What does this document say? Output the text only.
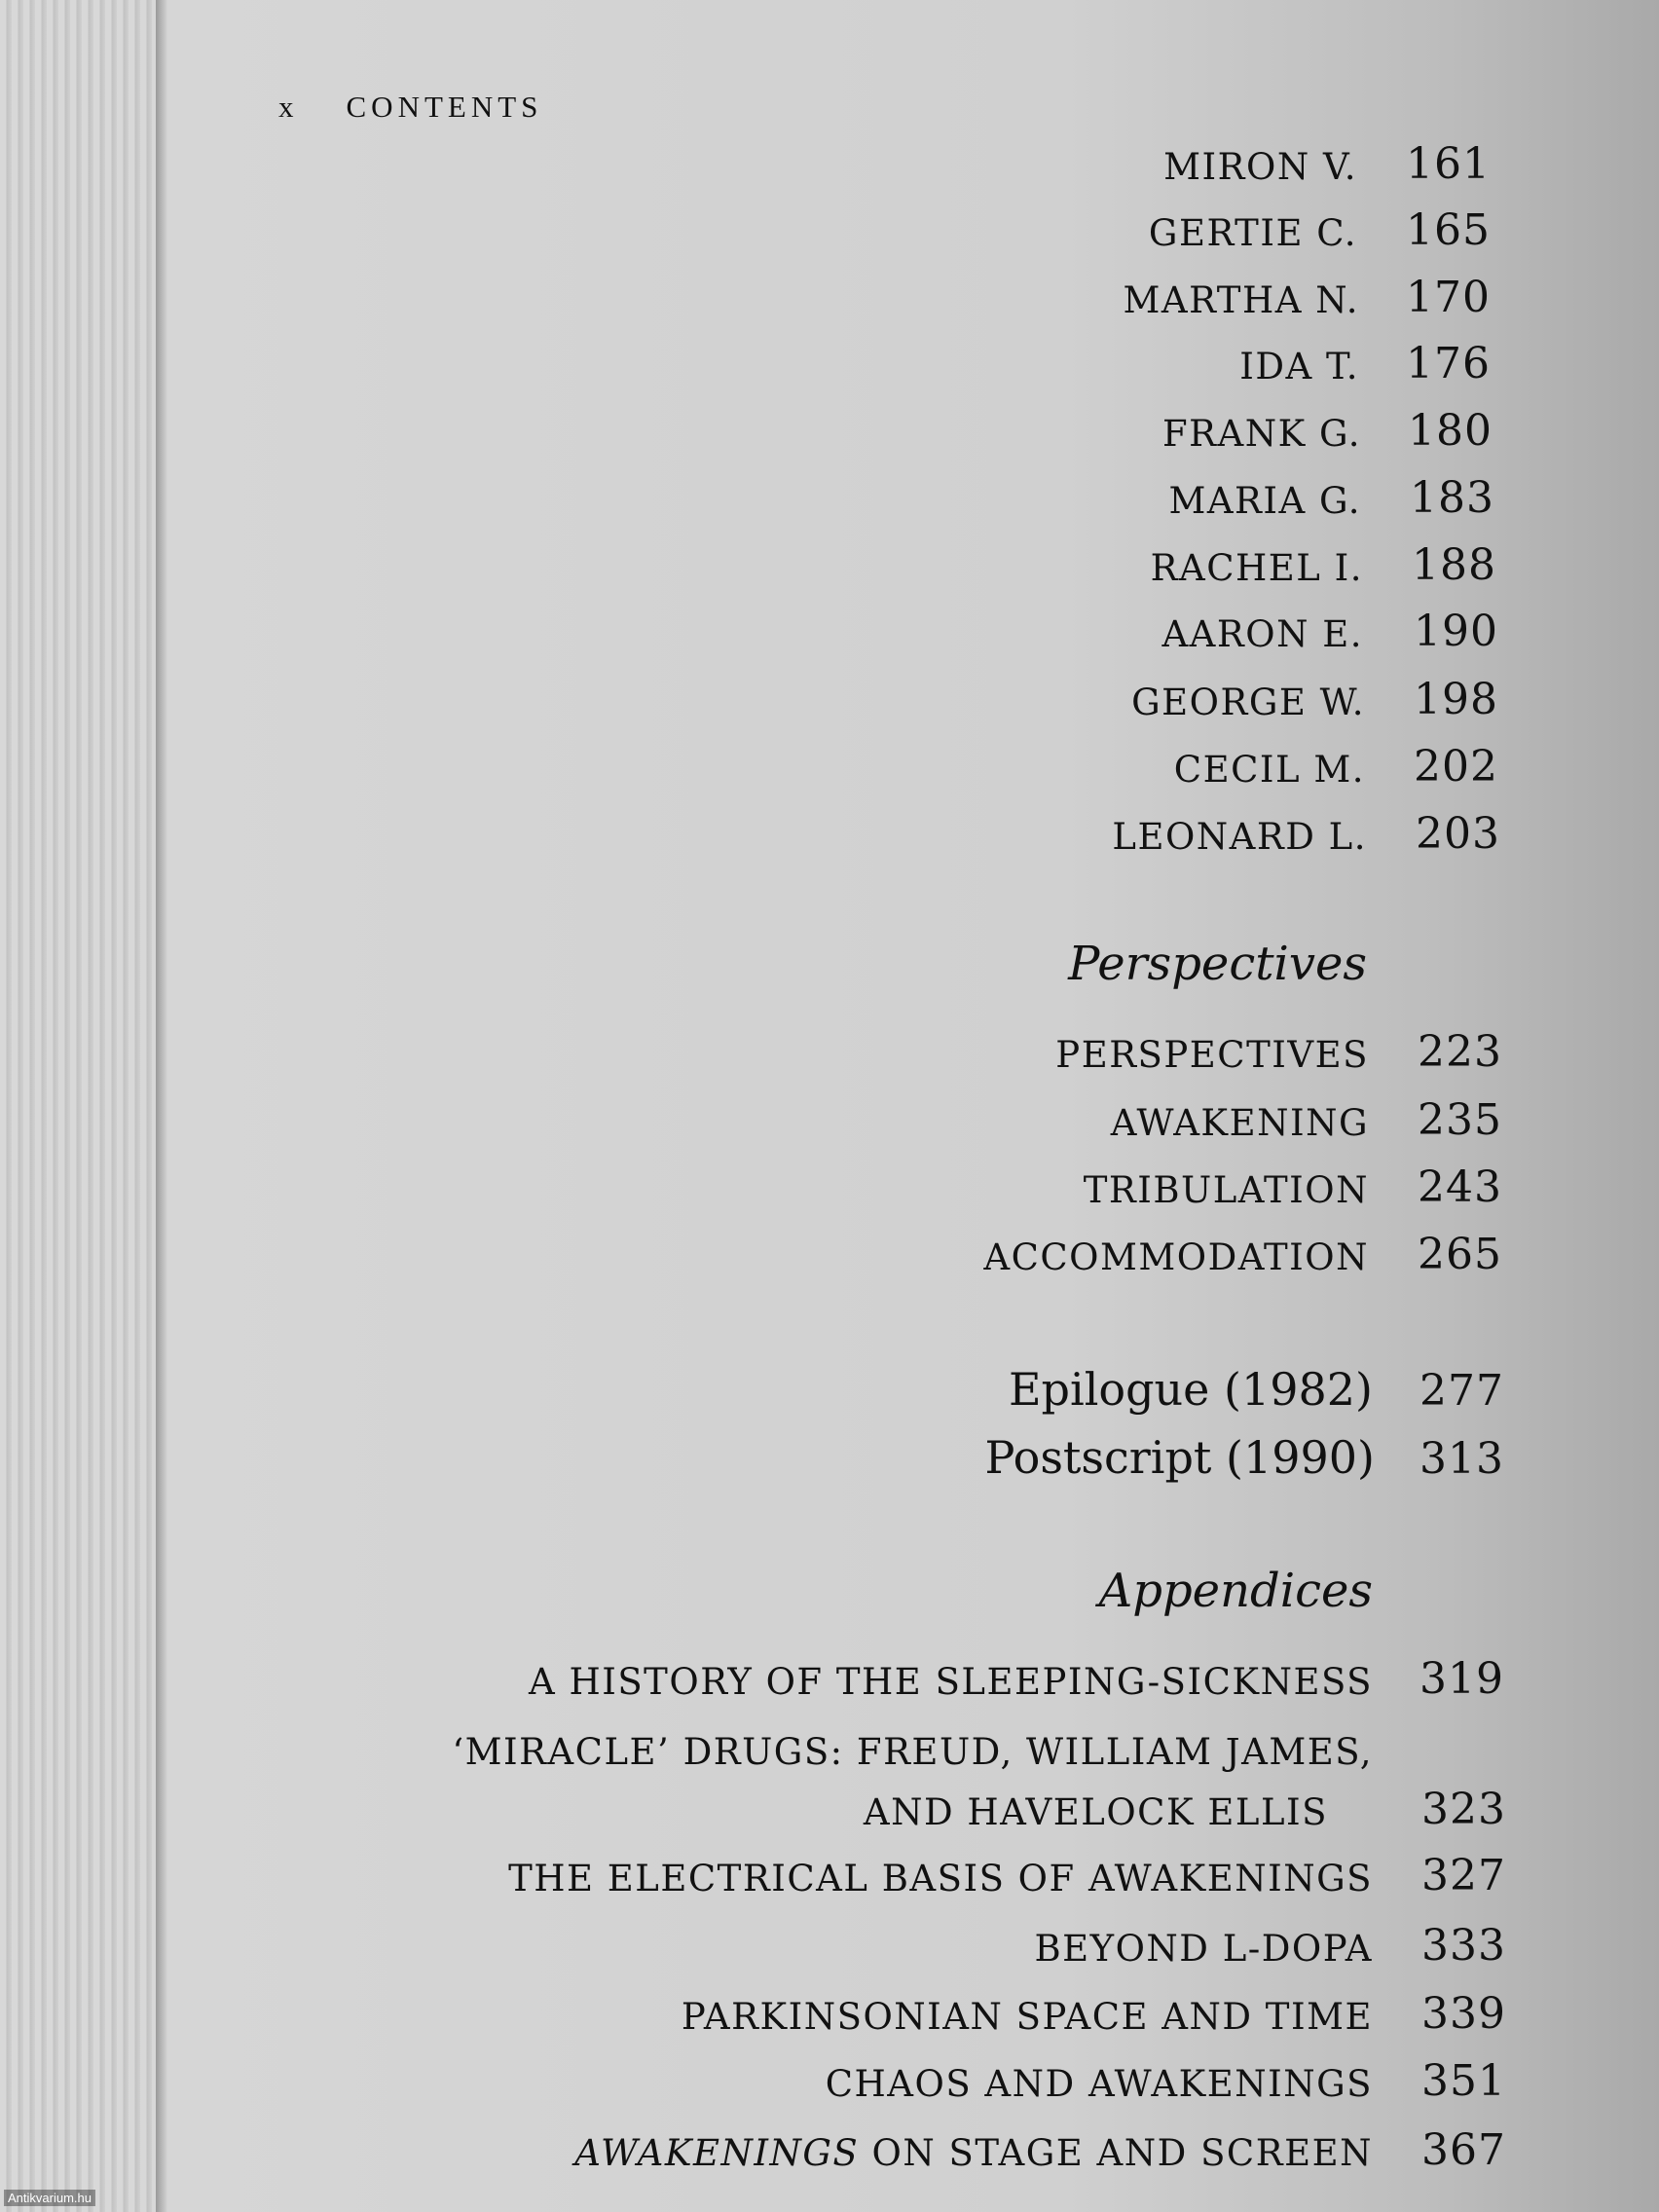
x CONTENTS
MIRON V. 161
GERTIE C. 165
MARTHA N. 170
IDA T. 176
FRANK G. 180
MARIA G. 183
RACHEL I. 188
AARON E. 190
GEORGE W. 198
CECIL M. 202
LEONARD L. 203
Perspectives
PERSPECTIVES 223
AWAKENING 235
TRIBULATION 243
ACCOMMODATION 265
Epilogue (1982) 277
Postscript (1990) 313
Appendices
A HISTORY OF THE SLEEPING-SICKNESS 319
‘MIRACLE’ DRUGS: FREUD, WILLIAM JAMES,
AND HAVELOCK ELLIS 323
THE ELECTRICAL BASIS OF AWAKENINGS 327
BEYOND L-DOPA 333
PARKINSONIAN SPACE AND TIME 339
CHAOS AND AWAKENINGS 351
AWAKENINGS ON STAGE AND SCREEN 367
Antikvarium.hu
